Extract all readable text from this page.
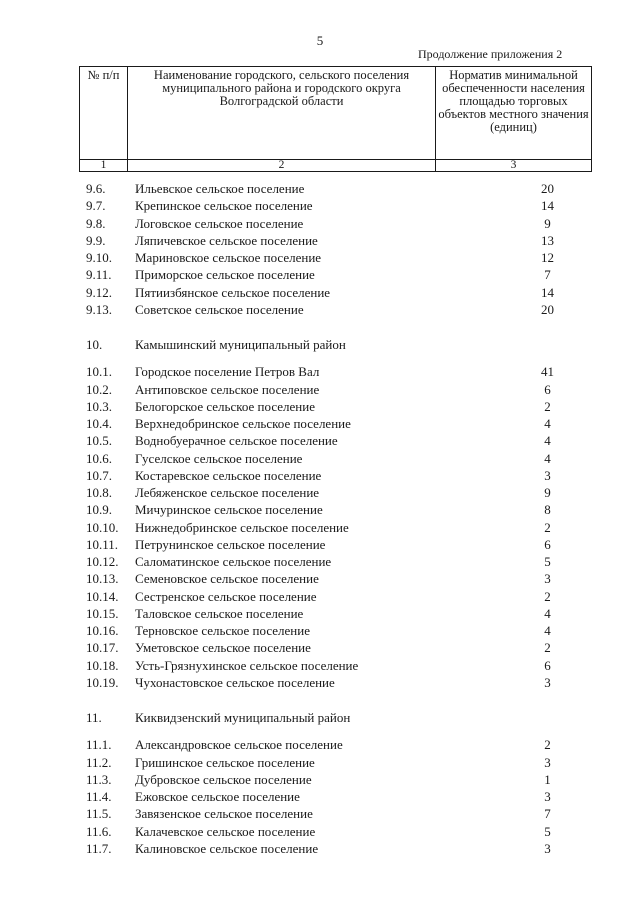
5
Продолжение приложения 2
№ п/п	Наименование городского, сельского поселения муниципального района и городского округа Волгоградской области	Норматив минимальной обеспеченности населения площадью торговых объектов местного значения (единиц)

1	2	3
9.6. Ильевское сельское поселение	20
9.7. Крепинское сельское поселение	14
9.8. Логовское сельское поселение	9
9.9. Ляпичевское сельское поселение	13
9.10. Мариновское сельское поселение	12
9.11. Приморское сельское поселение	7
9.12. Пятиизбянское сельское поселение	14
9.13. Советское сельское поселение	20
10.	Камышинский муниципальный район
10.1. Городское поселение Петров Вал	41
10.2. Антиповское сельское поселение	6
10.3. Белогорское сельское поселение	2
10.4. Верхнедобринское сельское поселение	4
10.5. Воднобуерачное сельское поселение	4
10.6. Гуселское сельское поселение	4
10.7. Костаревское сельское поселение	3
10.8. Лебяженское сельское поселение	9
10.9. Мичуринское сельское поселение	8
10.10. Нижнедобринское сельское поселение	2
10.11. Петрунинское сельское поселение	6
10.12. Саломатинское сельское поселение	5
10.13. Семеновское сельское поселение	3
10.14. Сестренское сельское поселение	2
10.15. Таловское сельское поселение	4
10.16. Терновское сельское поселение	4
10.17. Уметовское сельское поселение	2
10.18. Усть-Грязнухинское сельское поселение	6
10.19. Чухонастовское сельское поселение	3
11.	Киквидзенский муниципальный район
11.1. Александровское сельское поселение	2
11.2. Гришинское сельское поселение	3
11.3. Дубровское сельское поселение	1
11.4. Ежовское сельское поселение	3
11.5. Завязенское сельское поселение	7
11.6. Калачевское сельское поселение	5
11.7. Калиновское сельское поселение	3
